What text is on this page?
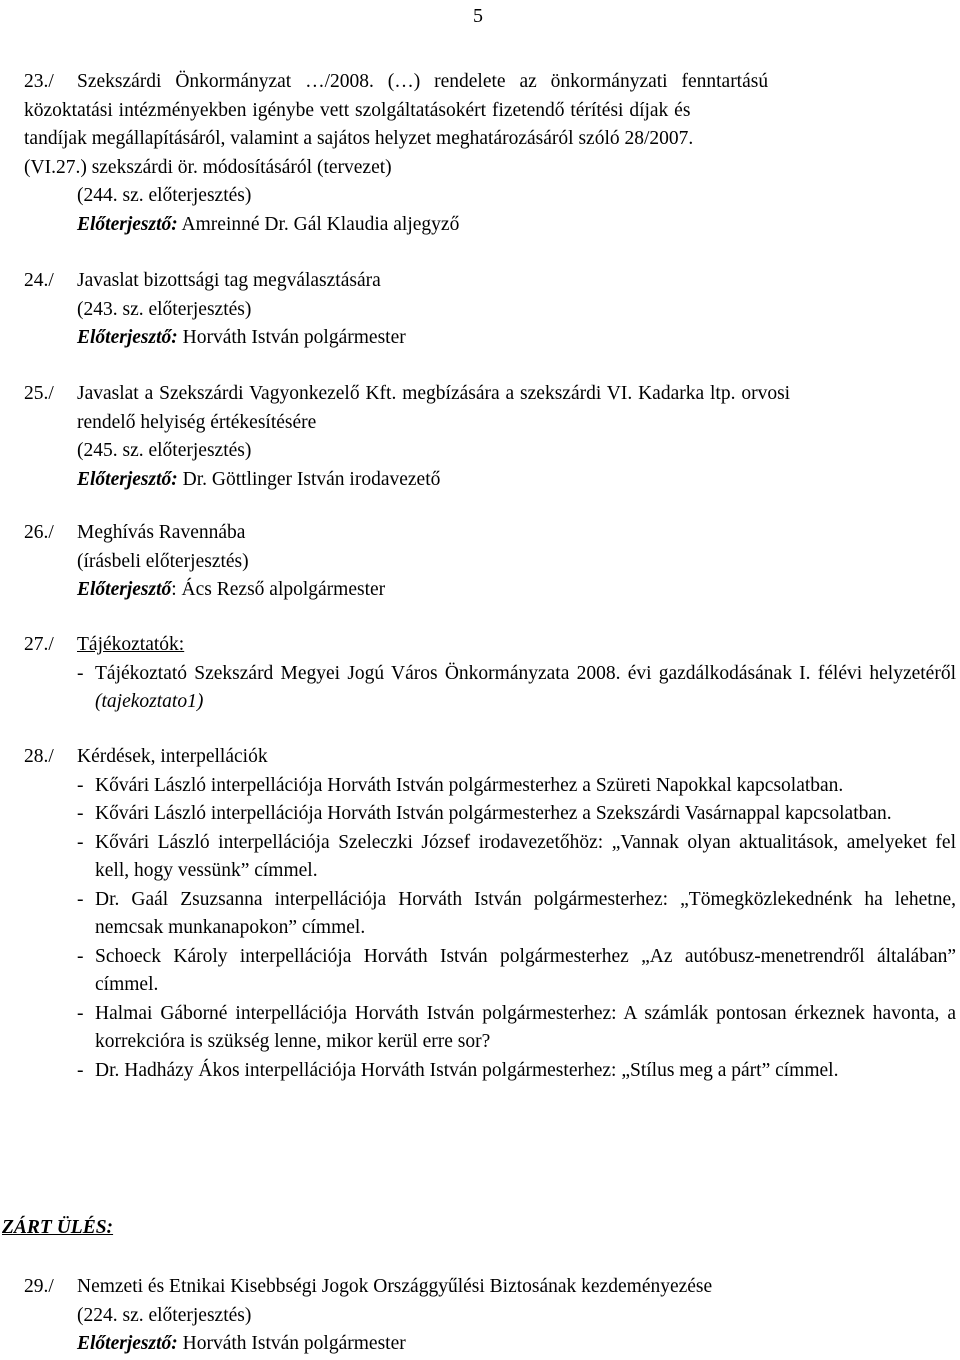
5
23./	Szekszárdi Önkormányzat …/2008. (…) rendelete az önkormányzati fenntartású
közoktatási intézményekben igénybe vett szolgáltatásokért fizetendő térítési díjak és
tandíjak megállapításáról, valamint a sajátos helyzet meghatározásáról szóló 28/2007.
(VI.27.) szekszárdi ör. módosításáról (tervezet)
(244. sz. előterjesztés)
Előterjesztő: Amreinné Dr. Gál Klaudia aljegyző
24./ Javaslat bizottsági tag megválasztására
(243. sz. előterjesztés)
Előterjesztő: Horváth István polgármester
25./ Javaslat a Szekszárdi Vagyonkezelő Kft. megbízására a szekszárdi VI. Kadarka ltp. orvosi
rendelő helyiség értékesítésére
(245. sz. előterjesztés)
Előterjesztő: Dr. Göttlinger István irodavezető
26./ Meghívás Ravennába
(írásbeli előterjesztés)
Előterjesztő: Ács Rezső alpolgármester
27./ Tájékoztatók:
- Tájékoztató Szekszárd Megyei Jogú Város Önkormányzata 2008. évi gazdálkodásának I. félévi helyzetéről (tajekoztato1)
28./ Kérdések, interpellációk
- Kővári László interpellációja Horváth István polgármesterhez a Szüreti Napokkal kapcsolatban.
- Kővári László interpellációja Horváth István polgármesterhez a Szekszárdi Vasárnappal kapcsolatban.
- Kővári László interpellációja Szeleczki József irodavezetőhöz: „Vannak olyan aktualitások, amelyeket fel kell, hogy vessünk” címmel.
- Dr. Gaál Zsuzsanna interpellációja Horváth István polgármesterhez: „Tömegközlekednénk ha lehetne, nemcsak munkanapokon” címmel.
- Schoeck Károly interpellációja Horváth István polgármesterhez „Az autóbusz-menetrendről általában” címmel.
- Halmai Gáborné interpellációja Horváth István polgármesterhez: A számlák pontosan érkeznek havonta, a korrekcióra is szükség lenne, mikor kerül erre sor?
- Dr. Hadházy Ákos interpellációja Horváth István polgármesterhez: „Stílus meg a párt” címmel.
ZÁRT ÜLÉS:
29./ Nemzeti és Etnikai Kisebbségi Jogok Országgyűlési Biztosának kezdeményezése
(224. sz. előterjesztés)
Előterjesztő: Horváth István polgármester
